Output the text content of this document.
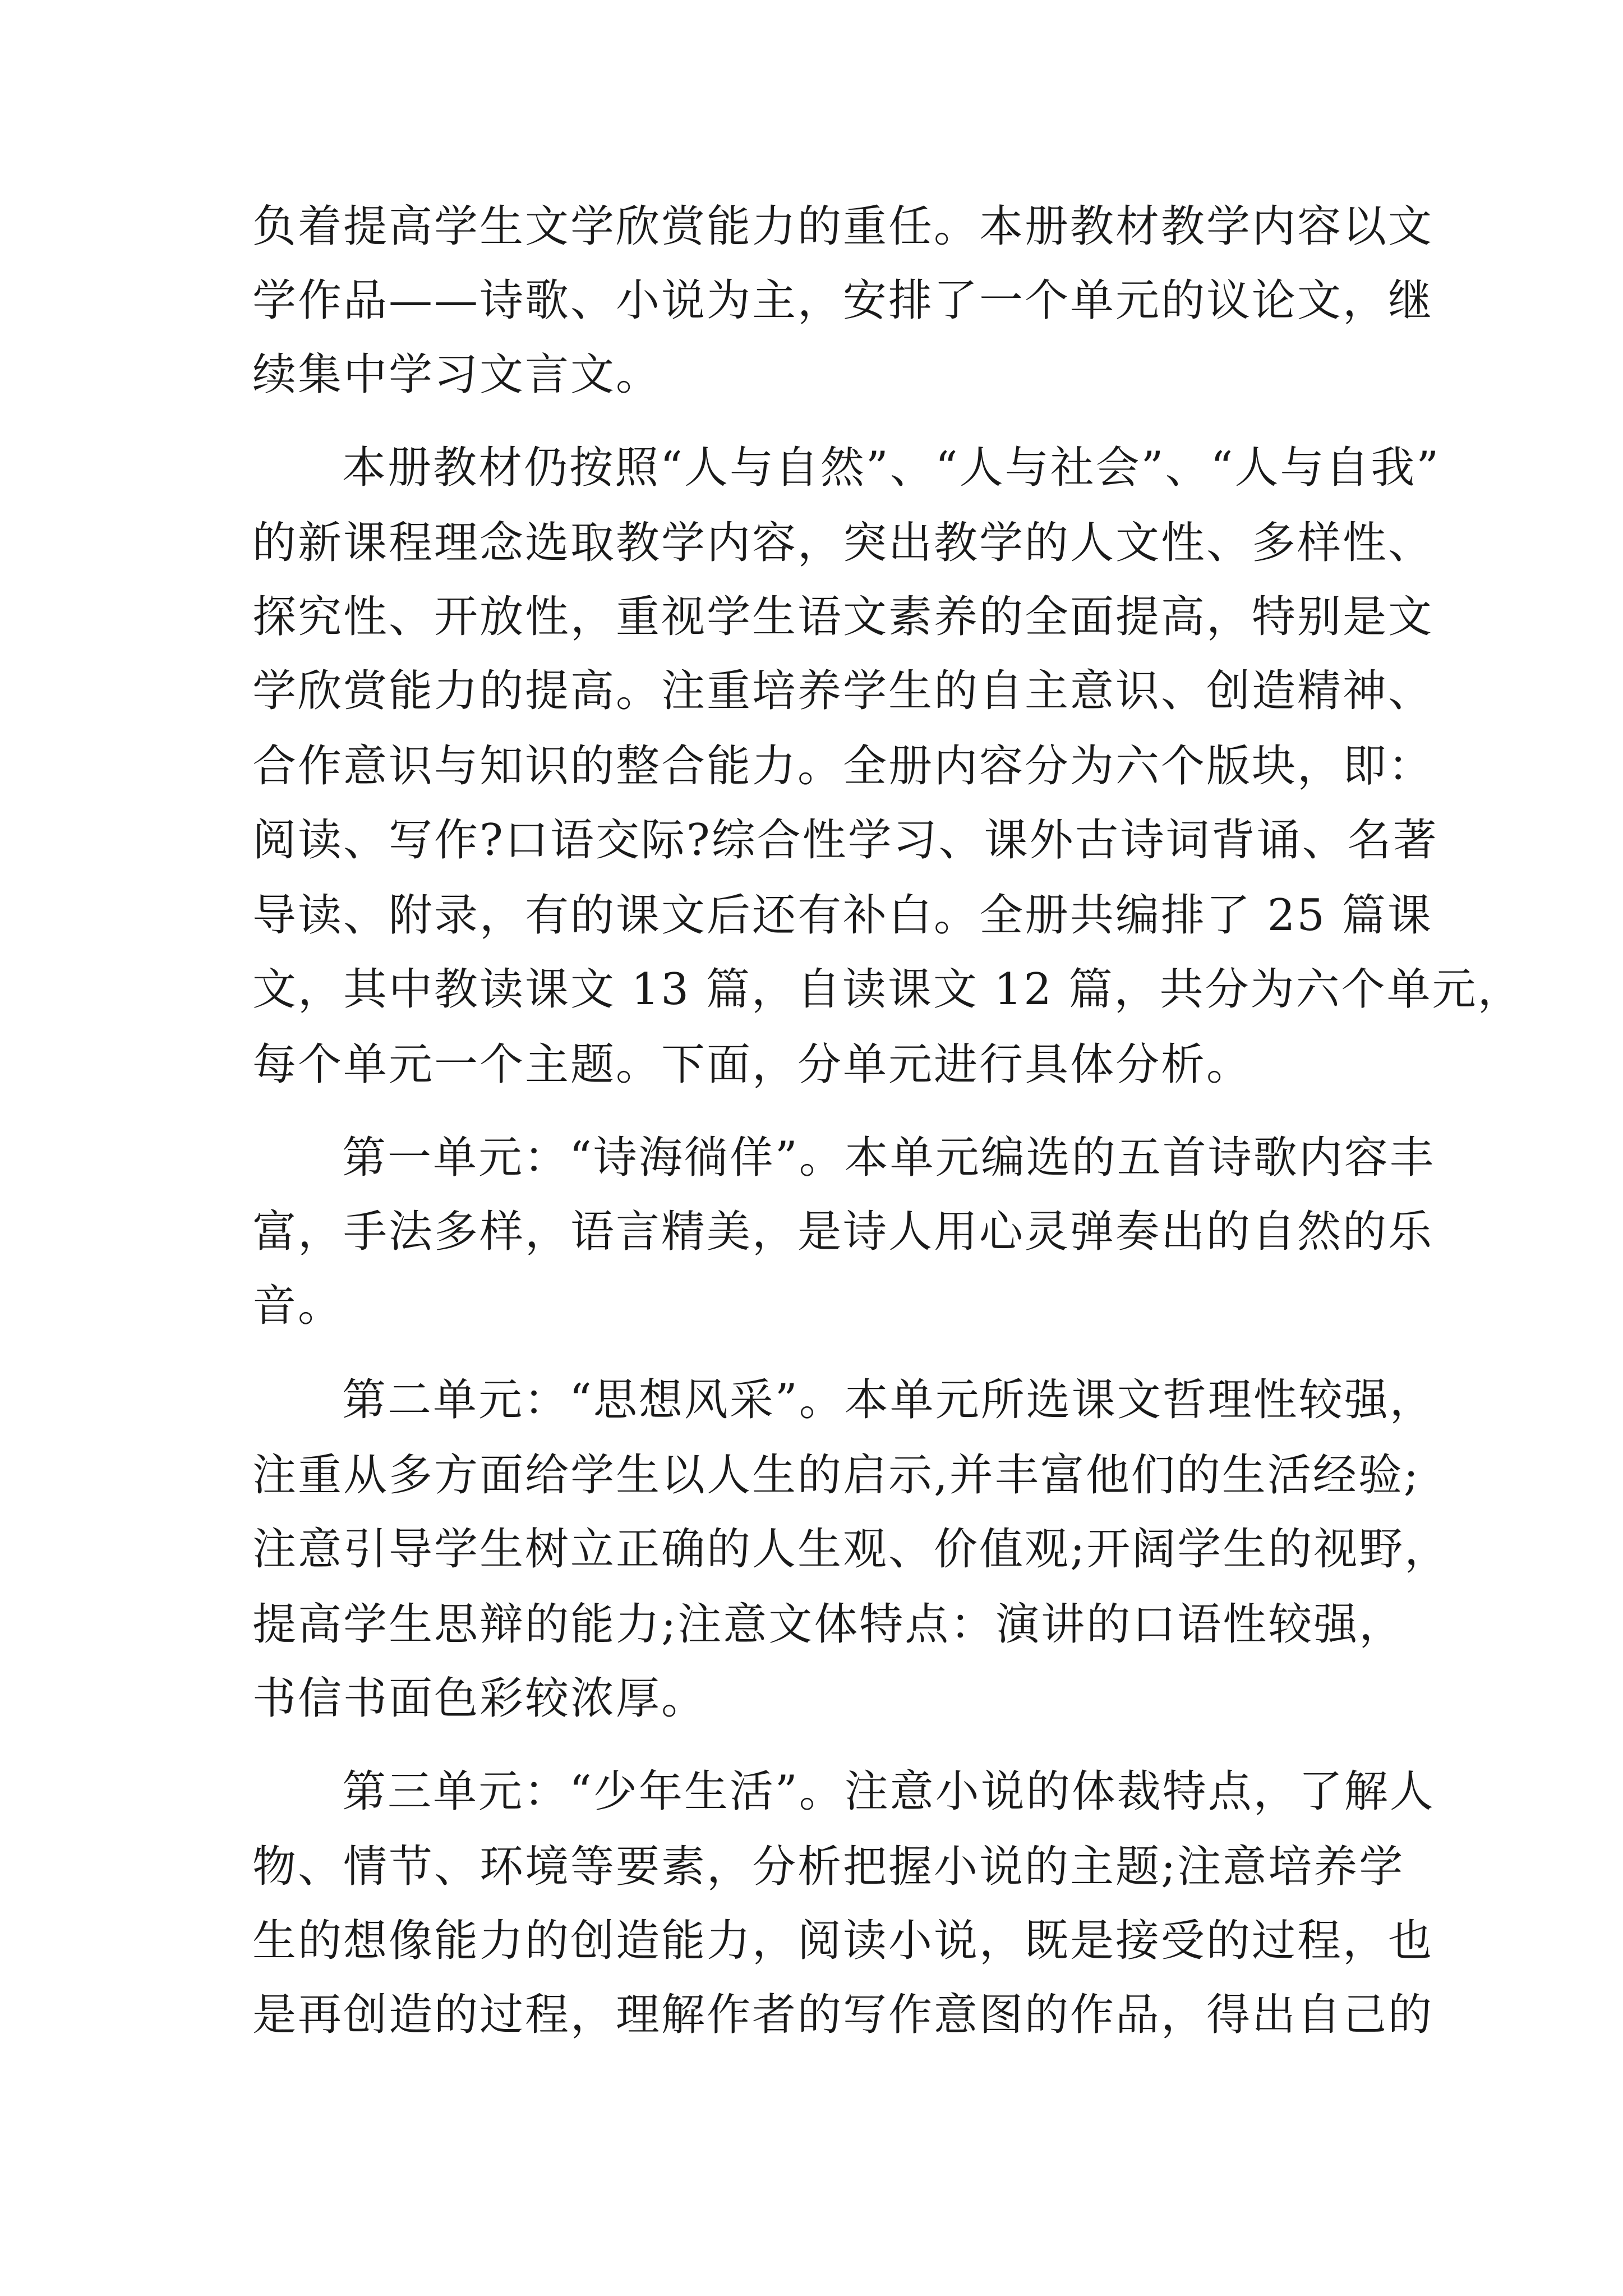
负着提高学生文学欣赏能力的重任。本册教材教学内容以文
学作品——诗歌、小说为主，安排了一个单元的议论文，继
续集中学习文言文。
本册教材仍按照“人与自然”、“人与社会”、“人与自我”
的新课程理念选取教学内容，突出教学的人文性、多样性、
探究性、开放性，重视学生语文素养的全面提高，特别是文
学欣赏能力的提高。注重培养学生的自主意识、创造精神、
合作意识与知识的整合能力。全册内容分为六个版块，即：
阅读、写作?口语交际?综合性学习、课外古诗词背诵、名著
导读、附录，有的课文后还有补白。全册共编排了 25 篇课
文，其中教读课文 13 篇，自读课文 12 篇，共分为六个单元，
每个单元一个主题。下面，分单元进行具体分析。
第一单元：“诗海徜佯”。本单元编选的五首诗歌内容丰
富，手法多样，语言精美，是诗人用心灵弹奏出的自然的乐
音。
第二单元：“思想风采”。本单元所选课文哲理性较强，
注重从多方面给学生以人生的启示,并丰富他们的生活经验;
注意引导学生树立正确的人生观、价值观;开阔学生的视野，
提高学生思辩的能力;注意文体特点：演讲的口语性较强，
书信书面色彩较浓厚。
第三单元：“少年生活”。注意小说的体裁特点，了解人
物、情节、环境等要素，分析把握小说的主题;注意培养学
生的想像能力的创造能力，阅读小说，既是接受的过程，也
是再创造的过程，理解作者的写作意图的作品，得出自己的
